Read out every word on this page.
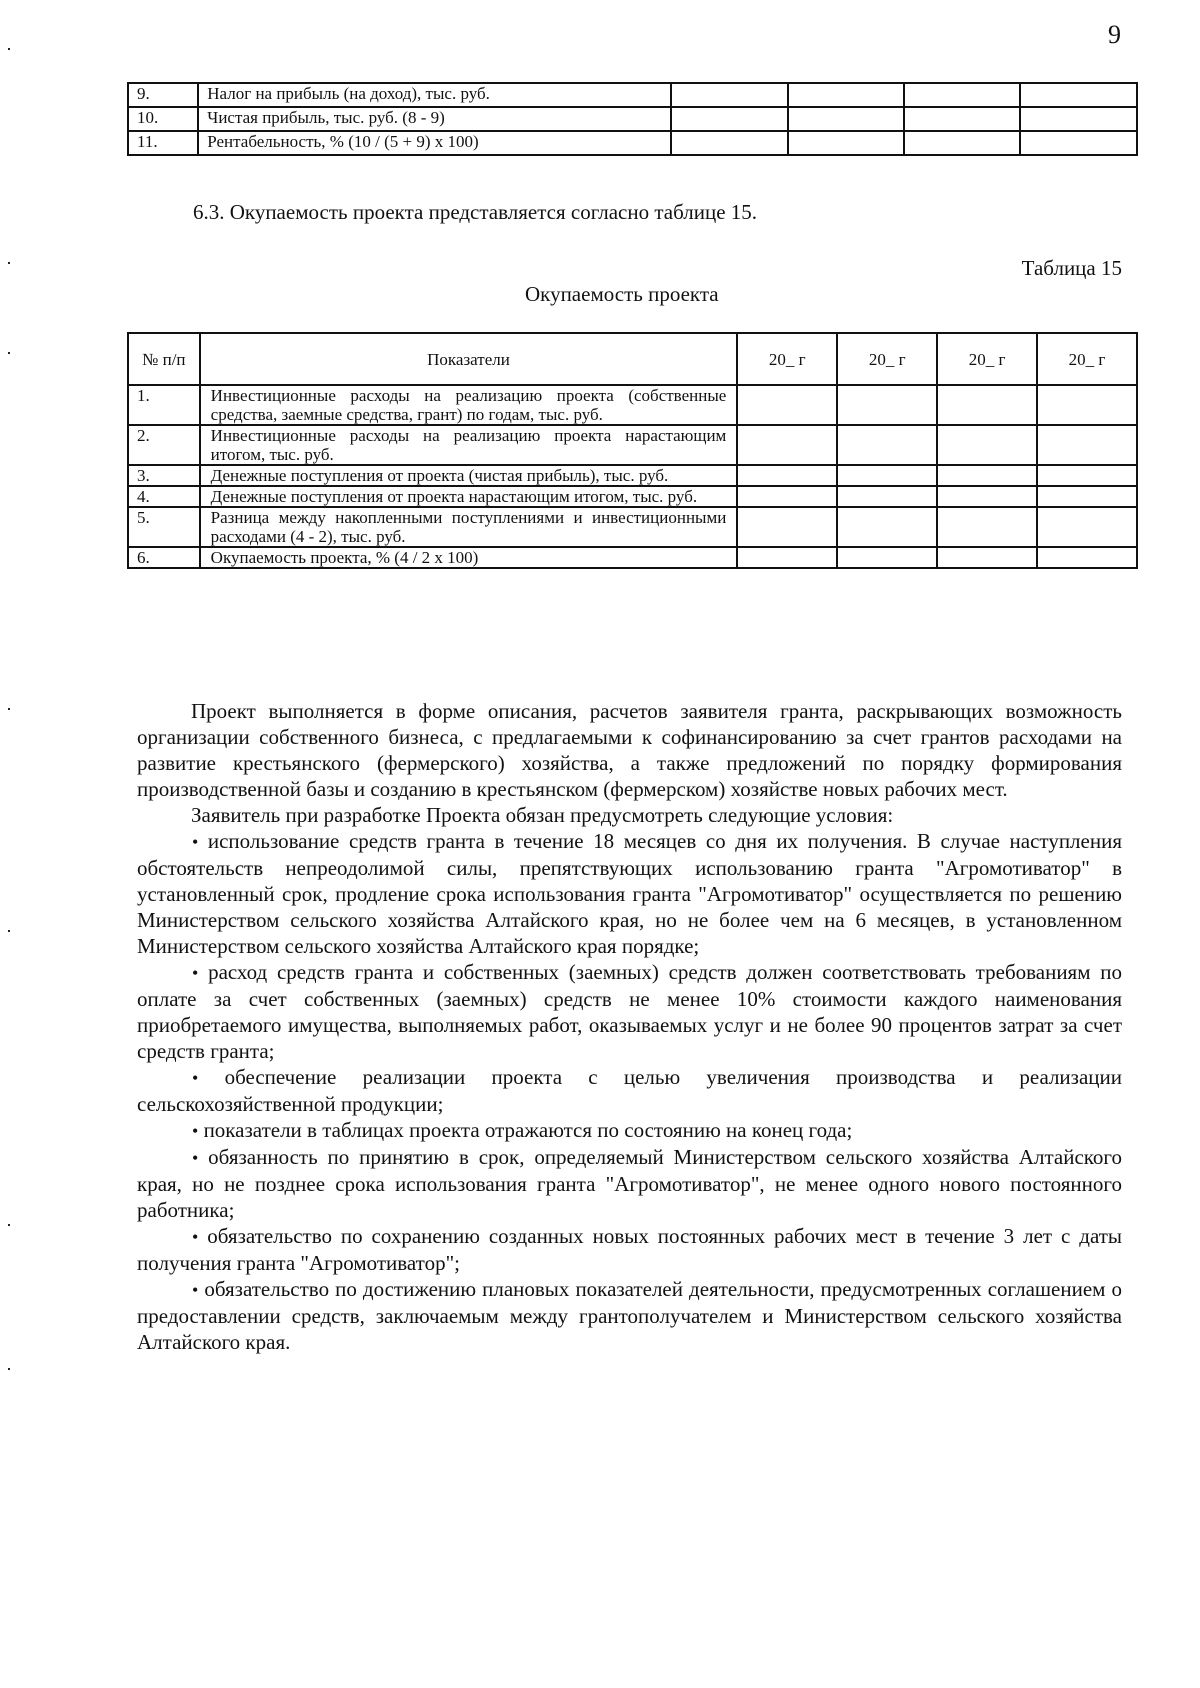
9
9.	Налог на прибыль (на доход), тыс. руб.				
10.	Чистая прибыль, тыс. руб. (8 - 9)				
11.	Рентабельность, % (10 / (5 + 9) x 100)				
6.3. Окупаемость проекта представляется согласно таблице 15.
Таблица 15
Окупаемость проекта
№ п/п	Показатели	20_ г	20_ г	20_ г	20_ г
1.	Инвестиционные расходы на реализацию проекта (собственные средства, заемные средства, грант) по годам, тыс. руб.				
2.	Инвестиционные расходы на реализацию проекта нарастающим итогом, тыс. руб.				
3.	Денежные поступления от проекта (чистая прибыль), тыс. руб.				
4.	Денежные поступления от проекта нарастающим итогом, тыс. руб.				
5.	Разница между накопленными поступлениями и инвестиционными расходами (4 - 2), тыс. руб.				
6.	Окупаемость проекта, % (4 / 2 x 100)				

Проект выполняется в форме описания, расчетов заявителя гранта, раскрывающих возможность организации собственного бизнеса, с предлагаемыми к софинансированию за счет грантов расходами на развитие крестьянского (фермерского) хозяйства, а также предложений по порядку формирования производственной базы и созданию в крестьянском (фермерском) хозяйстве новых рабочих мест.

Заявитель при разработке Проекта обязан предусмотреть следующие условия:

• использование средств гранта в течение 18 месяцев со дня их получения. В случае наступления обстоятельств непреодолимой силы, препятствующих использованию гранта "Агромотиватор" в установленный срок, продление срока использования гранта "Агромотиватор" осуществляется по решению Министерством сельского хозяйства Алтайского края, но не более чем на 6 месяцев, в установленном Министерством сельского хозяйства Алтайского края порядке;

• расход средств гранта и собственных (заемных) средств должен соответствовать требованиям по оплате за счет собственных (заемных) средств не менее 10% стоимости каждого наименования приобретаемого имущества, выполняемых работ, оказываемых услуг и не более 90 процентов затрат за счет средств гранта;

• обеспечение реализации проекта с целью увеличения производства и реализации сельскохозяйственной продукции;

• показатели в таблицах проекта отражаются по состоянию на конец года;

• обязанность по принятию в срок, определяемый Министерством сельского хозяйства Алтайского края, но не позднее срока использования гранта "Агромотиватор", не менее одного нового постоянного работника;

• обязательство по сохранению созданных новых постоянных рабочих мест в течение 3 лет с даты получения гранта "Агромотиватор";

• обязательство по достижению плановых показателей деятельности, предусмотренных соглашением о предоставлении средств, заключаемым между грантополучателем и Министерством сельского хозяйства Алтайского края.
